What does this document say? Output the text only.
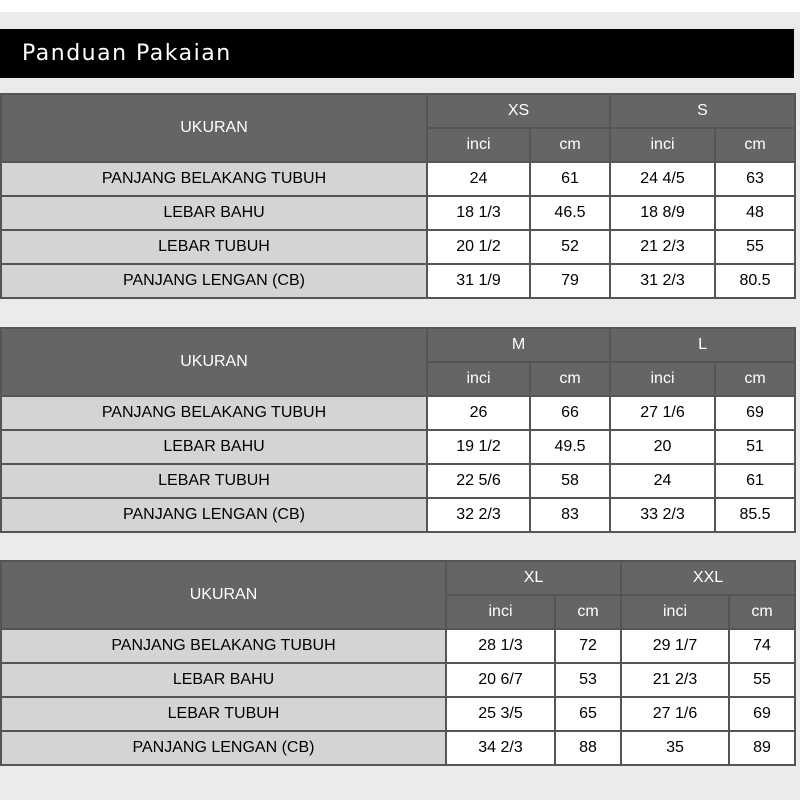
Panduan Pakaian
UKURAN	XS		S	
	inci	cm	inci	cm
PANJANG BELAKANG TUBUH	24	61	24 4/5	63
LEBAR BAHU	18 1/3	46.5	18 8/9	48
LEBAR TUBUH	20 1/2	52	21 2/3	55
PANJANG LENGAN (CB)	31 1/9	79	31 2/3	80.5
UKURAN	M		L	
	inci	cm	inci	cm
PANJANG BELAKANG TUBUH	26	66	27 1/6	69
LEBAR BAHU	19 1/2	49.5	20	51
LEBAR TUBUH	22 5/6	58	24	61
PANJANG LENGAN (CB)	32 2/3	83	33 2/3	85.5
UKURAN	XL		XXL	
	inci	cm	inci	cm
PANJANG BELAKANG TUBUH	28 1/3	72	29 1/7	74
LEBAR BAHU	20 6/7	53	21 2/3	55
LEBAR TUBUH	25 3/5	65	27 1/6	69
PANJANG LENGAN (CB)	34 2/3	88	35	89
